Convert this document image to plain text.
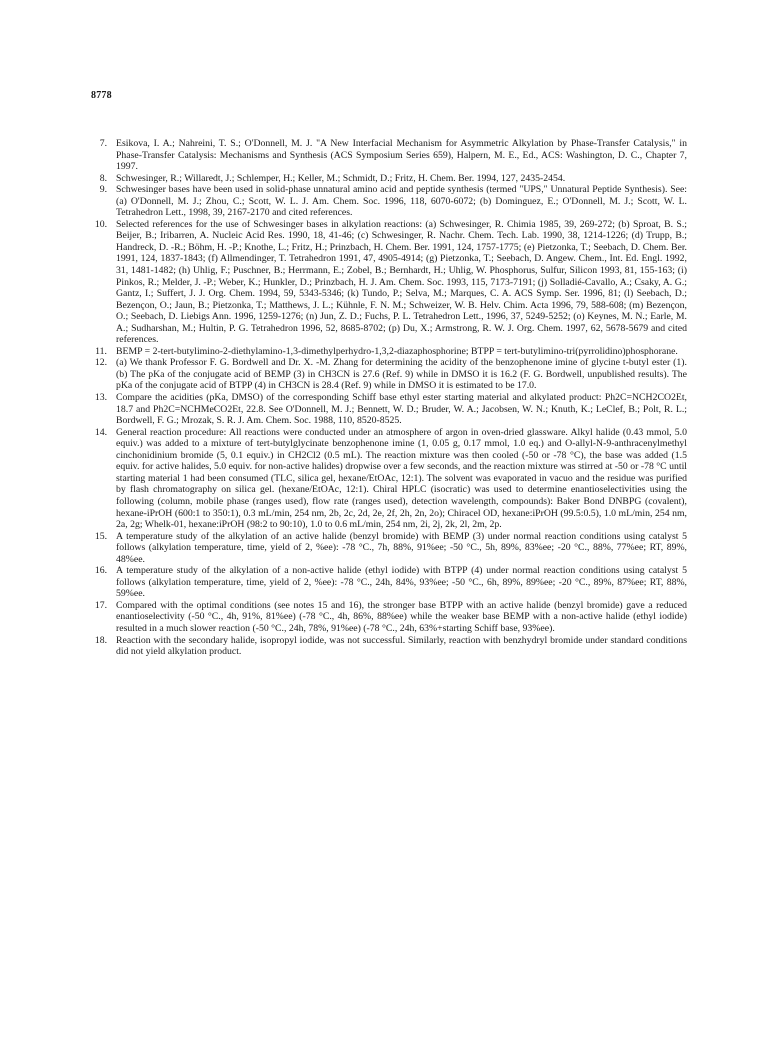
8778
7. Esikova, I. A.; Nahreini, T. S.; O'Donnell, M. J. "A New Interfacial Mechanism for Asymmetric Alkylation by Phase-Transfer Catalysis," in Phase-Transfer Catalysis: Mechanisms and Synthesis (ACS Symposium Series 659), Halpern, M. E., Ed., ACS: Washington, D. C., Chapter 7, 1997.
8. Schwesinger, R.; Willaredt, J.; Schlemper, H.; Keller, M.; Schmidt, D.; Fritz, H. Chem. Ber. 1994, 127, 2435-2454.
9. Schwesinger bases have been used in solid-phase unnatural amino acid and peptide synthesis (termed "UPS," Unnatural Peptide Synthesis). See: (a) O'Donnell, M. J.; Zhou, C.; Scott, W. L. J. Am. Chem. Soc. 1996, 118, 6070-6072; (b) Dominguez, E.; O'Donnell, M. J.; Scott, W. L. Tetrahedron Lett., 1998, 39, 2167-2170 and cited references.
10. Selected references for the use of Schwesinger bases in alkylation reactions: (a) Schwesinger, R. Chimia 1985, 39, 269-272; (b) Sproat, B. S.; Beijer, B.; Iribarren, A. Nucleic Acid Res. 1990, 18, 41-46; (c) Schwesinger, R. Nachr. Chem. Tech. Lab. 1990, 38, 1214-1226; (d) Trupp, B.; Handreck, D. -R.; Böhm, H. -P.; Knothe, L.; Fritz, H.; Prinzbach, H. Chem. Ber. 1991, 124, 1757-1775; (e) Pietzonka, T.; Seebach, D. Chem. Ber. 1991, 124, 1837-1843; (f) Allmendinger, T. Tetrahedron 1991, 47, 4905-4914; (g) Pietzonka, T.; Seebach, D. Angew. Chem., Int. Ed. Engl. 1992, 31, 1481-1482; (h) Uhlig, F.; Puschner, B.; Herrmann, E.; Zobel, B.; Bernhardt, H.; Uhlig, W. Phosphorus, Sulfur, Silicon 1993, 81, 155-163; (i) Pinkos, R.; Melder, J. -P.; Weber, K.; Hunkler, D.; Prinzbach, H. J. Am. Chem. Soc. 1993, 115, 7173-7191; (j) Solladié-Cavallo, A.; Csaky, A. G.; Gantz, I.; Suffert, J. J. Org. Chem. 1994, 59, 5343-5346; (k) Tundo, P.; Selva, M.; Marques, C. A. ACS Symp. Ser. 1996, 81; (l) Seebach, D.; Bezençon, O.; Jaun, B.; Pietzonka, T.; Matthews, J. L.; Kühnle, F. N. M.; Schweizer, W. B. Helv. Chim. Acta 1996, 79, 588-608; (m) Bezençon, O.; Seebach, D. Liebigs Ann. 1996, 1259-1276; (n) Jun, Z. D.; Fuchs, P. L. Tetrahedron Lett., 1996, 37, 5249-5252; (o) Keynes, M. N.; Earle, M. A.; Sudharshan, M.; Hultin, P. G. Tetrahedron 1996, 52, 8685-8702; (p) Du, X.; Armstrong, R. W. J. Org. Chem. 1997, 62, 5678-5679 and cited references.
11. BEMP = 2-tert-butylimino-2-diethylamino-1,3-dimethylperhydro-1,3,2-diazaphosphorine; BTPP = tert-butylimino-tri(pyrrolidino)phosphorane.
12. (a) We thank Professor F. G. Bordwell and Dr. X. -M. Zhang for determining the acidity of the benzophenone imine of glycine t-butyl ester (1). (b) The pKa of the conjugate acid of BEMP (3) in CH3CN is 27.6 (Ref. 9) while in DMSO it is 16.2 (F. G. Bordwell, unpublished results). The pKa of the conjugate acid of BTPP (4) in CH3CN is 28.4 (Ref. 9) while in DMSO it is estimated to be 17.0.
13. Compare the acidities (pKa, DMSO) of the corresponding Schiff base ethyl ester starting material and alkylated product: Ph2C=NCH2CO2Et, 18.7 and Ph2C=NCHMeCO2Et, 22.8. See O'Donnell, M. J.; Bennett, W. D.; Bruder, W. A.; Jacobsen, W. N.; Knuth, K.; LeClef, B.; Polt, R. L.; Bordwell, F. G.; Mrozak, S. R. J. Am. Chem. Soc. 1988, 110, 8520-8525.
14. General reaction procedure: All reactions were conducted under an atmosphere of argon in oven-dried glassware. Alkyl halide (0.43 mmol, 5.0 equiv.) was added to a mixture of tert-butylglycinate benzophenone imine (1, 0.05 g, 0.17 mmol, 1.0 eq.) and O-allyl-N-9-anthracenylmethyl cinchonidinium bromide (5, 0.1 equiv.) in CH2Cl2 (0.5 mL). The reaction mixture was then cooled (-50 or -78 °C), the base was added (1.5 equiv. for active halides, 5.0 equiv. for non-active halides) dropwise over a few seconds, and the reaction mixture was stirred at -50 or -78 °C until starting material 1 had been consumed (TLC, silica gel, hexane/EtOAc, 12:1). The solvent was evaporated in vacuo and the residue was purified by flash chromatography on silica gel. (hexane/EtOAc, 12:1). Chiral HPLC (isocratic) was used to determine enantioselectivities using the following (column, mobile phase (ranges used), flow rate (ranges used), detection wavelength, compounds): Baker Bond DNBPG (covalent), hexane-iPrOH (600:1 to 350:1), 0.3 mL/min, 254 nm, 2b, 2c, 2d, 2e, 2f, 2h, 2n, 2o); Chiracel OD, hexane:iPrOH (99.5:0.5), 1.0 mL/min, 254 nm, 2a, 2g; Whelk-01, hexane:iPrOH (98:2 to 90:10), 1.0 to 0.6 mL/min, 254 nm, 2i, 2j, 2k, 2l, 2m, 2p.
15. A temperature study of the alkylation of an active halide (benzyl bromide) with BEMP (3) under normal reaction conditions using catalyst 5 follows (alkylation temperature, time, yield of 2, %ee): -78 °C., 7h, 88%, 91%ee; -50 °C., 5h, 89%, 83%ee; -20 °C., 88%, 77%ee; RT, 89%, 48%ee.
16. A temperature study of the alkylation of a non-active halide (ethyl iodide) with BTPP (4) under normal reaction conditions using catalyst 5 follows (alkylation temperature, time, yield of 2, %ee): -78 °C., 24h, 84%, 93%ee; -50 °C., 6h, 89%, 89%ee; -20 °C., 89%, 87%ee; RT, 88%, 59%ee.
17. Compared with the optimal conditions (see notes 15 and 16), the stronger base BTPP with an active halide (benzyl bromide) gave a reduced enantioselectivity (-50 °C., 4h, 91%, 81%ee) (-78 °C., 4h, 86%, 88%ee) while the weaker base BEMP with a non-active halide (ethyl iodide) resulted in a much slower reaction (-50 °C., 24h, 78%, 91%ee) (-78 °C., 24h, 63%+starting Schiff base, 93%ee).
18. Reaction with the secondary halide, isopropyl iodide, was not successful. Similarly, reaction with benzhydryl bromide under standard conditions did not yield alkylation product.
